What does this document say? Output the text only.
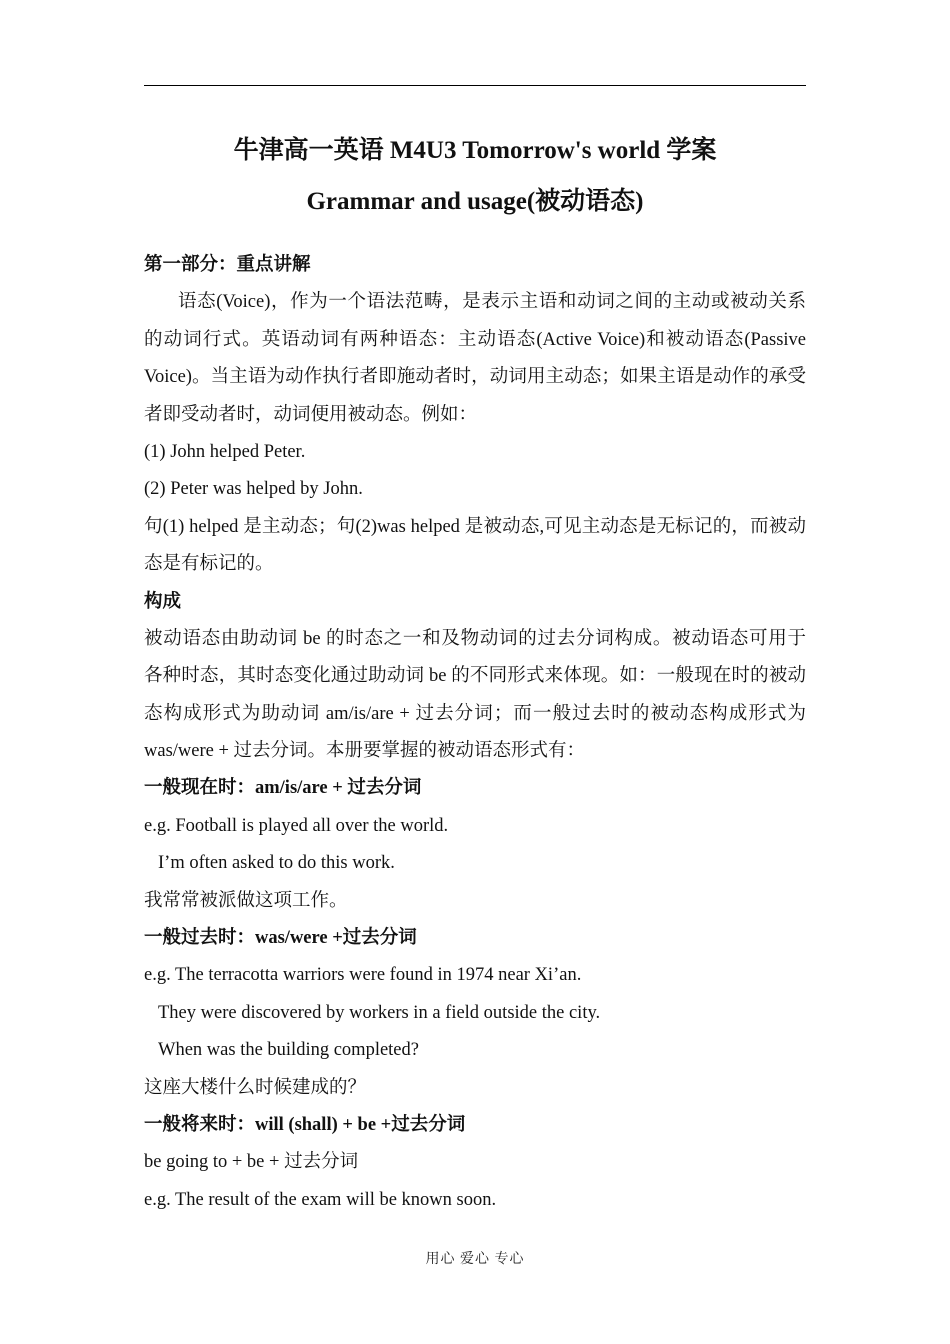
牛津高一英语 M4U3 Tomorrow's world 学案
Grammar and usage(被动语态)
第一部分：重点讲解
语态(Voice)，作为一个语法范畴，是表示主语和动词之间的主动或被动关系
的动词行式。英语动词有两种语态：主动语态(Active Voice)和被动语态(Passive
Voice)。当主语为动作执行者即施动者时，动词用主动态；如果主语是动作的承受
者即受动者时，动词便用被动态。例如：
(1) John helped Peter.
(2) Peter was helped by John.
句(1) helped 是主动态；句(2)was helped 是被动态,可见主动态是无标记的，而被动
态是有标记的。
构成
被动语态由助动词 be 的时态之一和及物动词的过去分词构成。被动语态可用于
各种时态，其时态变化通过助动词 be 的不同形式来体现。如：一般现在时的被动
态构成形式为助动词 am/is/are + 过去分词；而一般过去时的被动态构成形式为
was/were + 过去分词。本册要掌握的被动语态形式有：
一般现在时：am/is/are + 过去分词
e.g. Football is played all over the world.
I’m often asked to do this work.
我常常被派做这项工作。
一般过去时：was/were +过去分词
e.g. The terracotta warriors were found in 1974 near Xi’an.
They were discovered by workers in a field outside the city.
When was the building completed?
这座大楼什么时候建成的？
一般将来时：will (shall) + be +过去分词
be going to + be + 过去分词
e.g. The result of the exam will be known soon.
用心 爱心 专心
